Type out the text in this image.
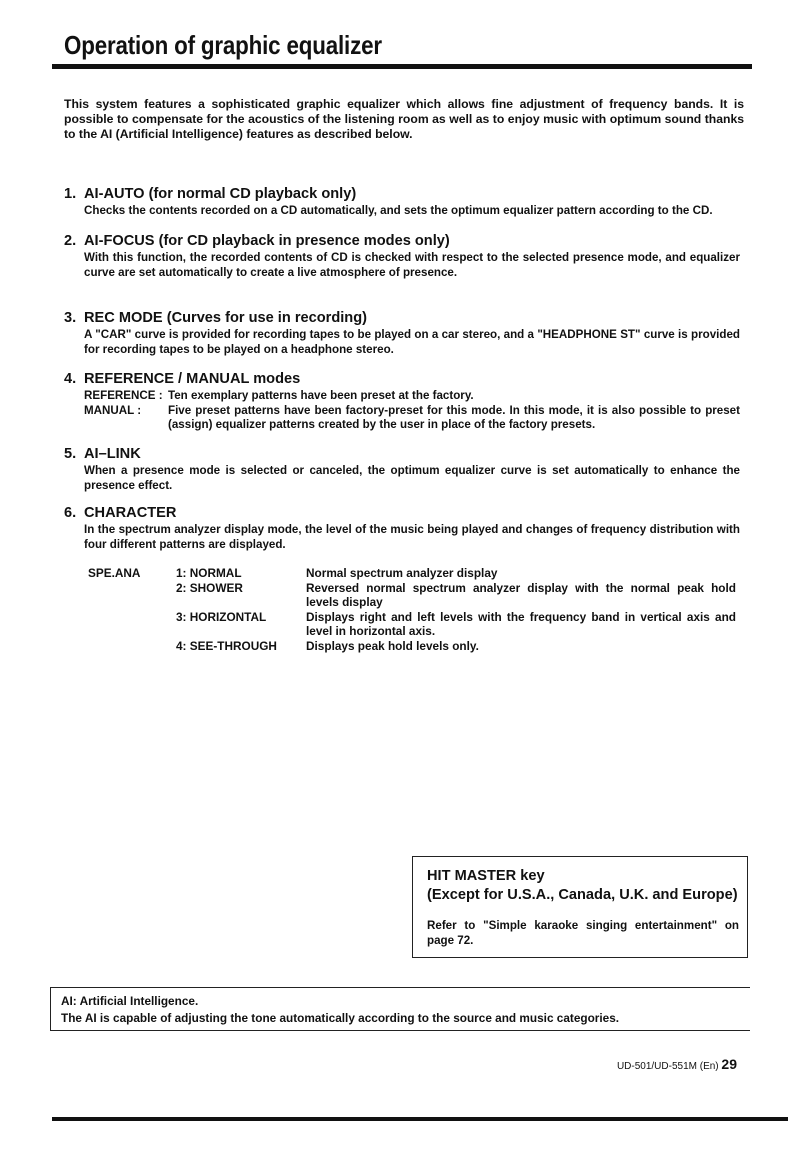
Operation of graphic equalizer

This system features a sophisticated graphic equalizer which allows fine adjustment of frequency bands. It is possible to compensate for the acoustics of the listening room as well as to enjoy music with optimum sound thanks to the AI (Artificial Intelligence) features as described below.

1. AI-AUTO (for normal CD playback only)

Checks the contents recorded on a CD automatically, and sets the optimum equalizer pattern according to the CD.

2. AI-FOCUS (for CD playback in presence modes only)

With this function, the recorded contents of CD is checked with respect to the selected presence mode, and equalizer curve are set automatically to create a live atmosphere of presence.

3. REC MODE (Curves for use in recording)

A "CAR" curve is provided for recording tapes to be played on a car stereo, and a "HEADPHONE ST" curve is provided for recording tapes to be played on a headphone stereo.

4. REFERENCE / MANUAL modes

REFERENCE : Ten exemplary patterns have been preset at the factory.
MANUAL :	Five preset patterns have been factory-preset for this mode. In this mode, it is also possible to preset (assign) equalizer patterns created by the user in place of the factory presets.

5. AI–LINK

When a presence mode is selected or canceled, the optimum equalizer curve is set automatically to enhance the presence effect.

6. CHARACTER

In the spectrum analyzer display mode, the level of the music being played and changes of frequency distribution with four different patterns are displayed.

SPE.ANA	1: NORMAL	Normal spectrum analyzer display
2: SHOWER	Reversed normal spectrum analyzer display with the normal peak hold levels display
3: HORIZONTAL	Displays right and left levels with the frequency band in vertical axis and level in horizontal axis.
4: SEE-THROUGH Displays peak hold levels only.
HIT MASTER key
(Except for U.S.A., Canada, U.K. and Europe)
Refer to "Simple karaoke singing entertainment" on page 72.
AI: Artificial Intelligence.
The AI is capable of adjusting the tone automatically according to the source and music categories.
UD-501/UD-551M (En) 29
